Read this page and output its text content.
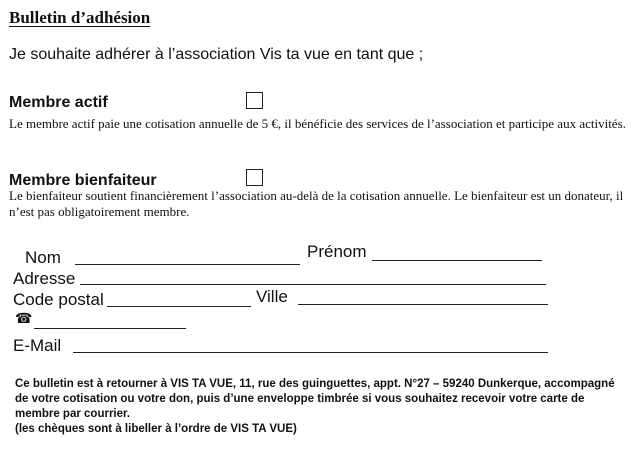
Bulletin d’adhésion
Je souhaite adhérer à l’association Vis ta vue en tant que ;
Membre actif
Le membre actif paie une cotisation annuelle de 5 €, il bénéficie des services de l’association et participe aux activités.
Membre bienfaiteur
Le bienfaiteur soutient financièrement l’association au-delà de la cotisation annuelle. Le bienfaiteur est un donateur, il n’est pas obligatoirement membre.
Nom	Prénom
Adresse
Code postal	Ville
☎
E-Mail

Ce bulletin est à retourner à VIS TA VUE, 11, rue des guinguettes, appt. N°27 – 59240 Dunkerque, accompagné de votre cotisation ou votre don, puis d’une enveloppe timbrée si vous souhaitez recevoir votre carte de membre par courrier.

(les chèques sont à libeller à l’ordre de VIS TA VUE)
